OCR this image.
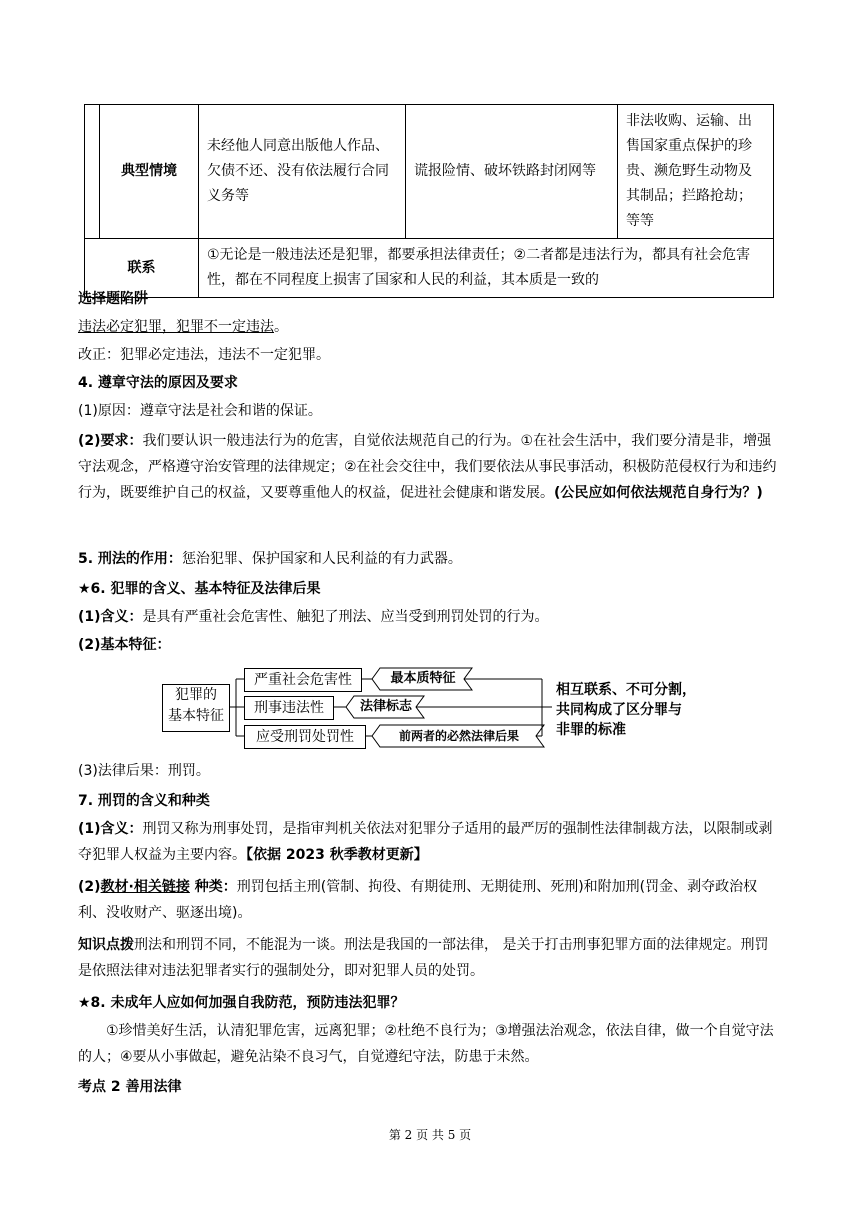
	典型情境	未经他人同意出版他人作品、欠债不还、没有依法履行合同义务等	谎报险情、破坏铁路封闭网等	非法收购、运输、出售国家重点保护的珍贵、濒危野生动物及其制品；拦路抢劫；等等
联系		①无论是一般违法还是犯罪，都要承担法律责任；②二者都是违法行为，都具有社会危害性，都在不同程度上损害了国家和人民的利益，其本质是一致的		
选择题陷阱
违法必定犯罪，犯罪不一定违法。
改正：犯罪必定违法，违法不一定犯罪。
4. 遵章守法的原因及要求
(1)原因：遵章守法是社会和谐的保证。
(2)要求：我们要认识一般违法行为的危害，自觉依法规范自己的行为。①在社会生活中，我们要分清是非，增强守法观念，严格遵守治安管理的法律规定；②在社会交往中，我们要依法从事民事活动，积极防范侵权行为和违约行为，既要维护自己的权益，又要尊重他人的权益，促进社会健康和谐发展。(公民应如何依法规范自身行为？)
5. 刑法的作用：惩治犯罪、保护国家和人民利益的有力武器。
★6. 犯罪的含义、基本特征及法律后果
(1)含义：是具有严重社会危害性、触犯了刑法、应当受到刑罚处罚的行为。
(2)基本特征：
犯罪的
基本特征
严重社会危害性
刑事违法性
应受刑罚处罚性
最本质特征
法律标志
前两者的必然法律后果
相互联系、不可分割，
共同构成了区分罪与
非罪的标准
(3)法律后果：刑罚。
7. 刑罚的含义和种类
(1)含义：刑罚又称为刑事处罚，是指审判机关依法对犯罪分子适用的最严厉的强制性法律制裁方法，以限制或剥夺犯罪人权益为主要内容。【依据 2023 秋季教材更新】
(2)教材·相关链接 种类：刑罚包括主刑(管制、拘役、有期徒刑、无期徒刑、死刑)和附加刑(罚金、剥夺政治权利、没收财产、驱逐出境)。
知识点拨刑法和刑罚不同，不能混为一谈。刑法是我国的一部法律， 是关于打击刑事犯罪方面的法律规定。刑罚是依照法律对违法犯罪者实行的强制处分，即对犯罪人员的处罚。
★8. 未成年人应如何加强自我防范，预防违法犯罪？
①珍惜美好生活，认清犯罪危害，远离犯罪；②杜绝不良行为；③增强法治观念，依法自律，做一个自觉守法的人；④要从小事做起，避免沾染不良习气，自觉遵纪守法，防患于未然。
考点 2 善用法律
第 2 页 共 5 页
